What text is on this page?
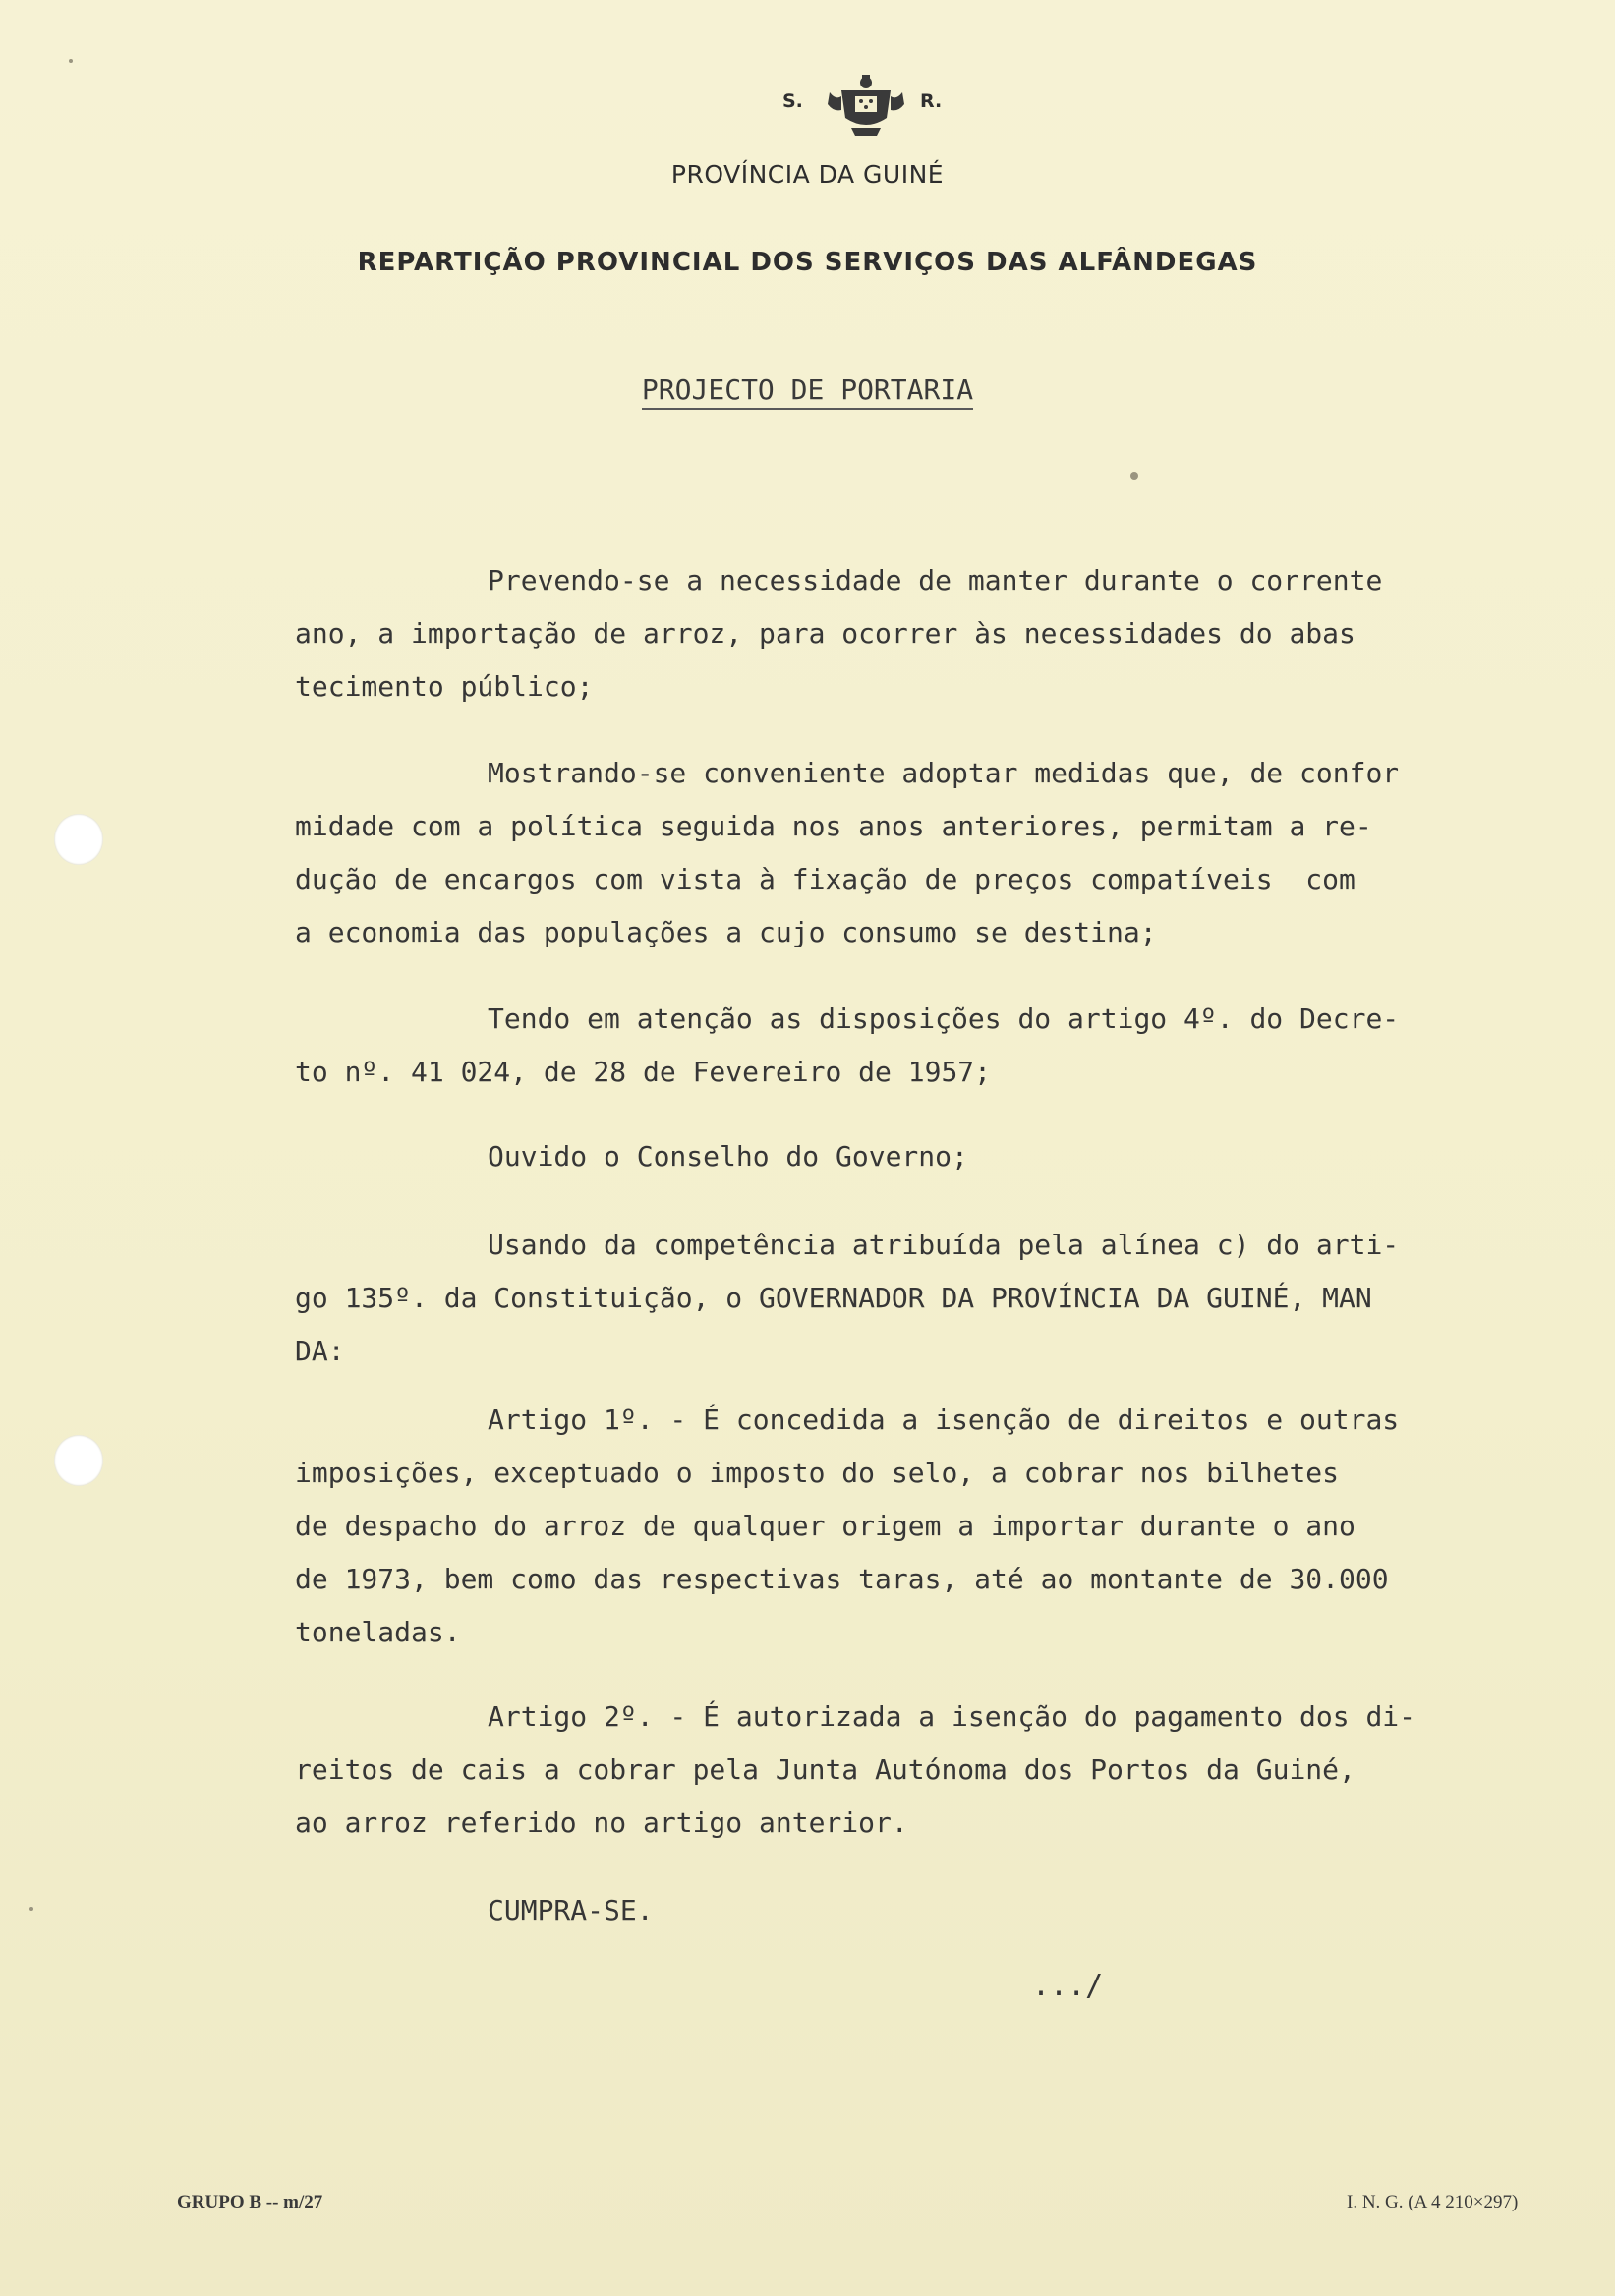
S.	R.
PROVÍNCIA DA GUINÉ
REPARTIÇÃO PROVINCIAL DOS SERVIÇOS DAS ALFÂNDEGAS
PROJECTO DE PORTARIA
Prevendo-se a necessidade de manter durante o corrente
ano, a importação de arroz, para ocorrer às necessidades do abas
tecimento público;
Mostrando-se conveniente adoptar medidas que, de confor
midade com a política seguida nos anos anteriores, permitam a re-
dução de encargos com vista à fixação de preços compatíveis  com
a economia das populações a cujo consumo se destina;
Tendo em atenção as disposições do artigo 4º. do Decre-
to nº. 41 024, de 28 de Fevereiro de 1957;
Ouvido o Conselho do Governo;
Usando da competência atribuída pela alínea c) do arti-
go 135º. da Constituição, o GOVERNADOR DA PROVÍNCIA DA GUINÉ, MAN
DA:
Artigo 1º. - É concedida a isenção de direitos e outras
imposições, exceptuado o imposto do selo, a cobrar nos bilhetes
de despacho do arroz de qualquer origem a importar durante o ano
de 1973, bem como das respectivas taras, até ao montante de 30.000
toneladas.
Artigo 2º. - É autorizada a isenção do pagamento dos di-
reitos de cais a cobrar pela Junta Autónoma dos Portos da Guiné,
ao arroz referido no artigo anterior.
CUMPRA-SE.
.../
GRUPO B -- m/27	I. N. G. (A 4 210×297)
